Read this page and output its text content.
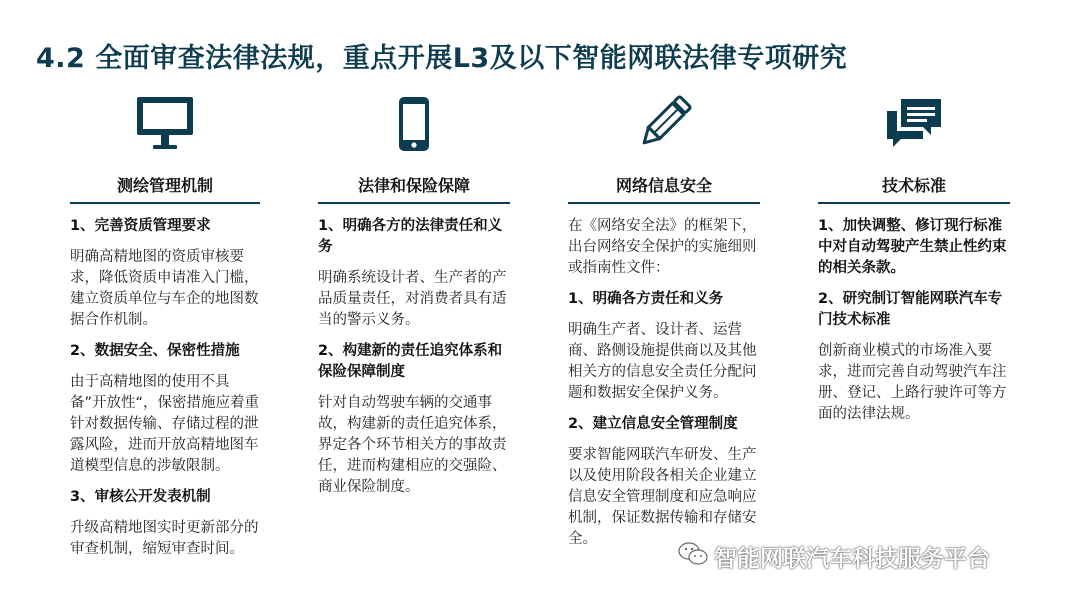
4.2 全面审查法律法规，重点开展L3及以下智能网联法律专项研究
测绘管理机制
1、完善资质管理要求
明确高精地图的资质审核要求，降低资质申请准入门槛，建立资质单位与车企的地图数据合作机制。
2、数据安全、保密性措施
由于高精地图的使用不具备”开放性“，保密措施应着重针对数据传输、存储过程的泄露风险，进而开放高精地图车道模型信息的涉敏限制。
3、审核公开发表机制
升级高精地图实时更新部分的审查机制，缩短审查时间。
法律和保险保障
1、明确各方的法律责任和义务
明确系统设计者、生产者的产品质量责任，对消费者具有适当的警示义务。
2、构建新的责任追究体系和保险保障制度
针对自动驾驶车辆的交通事故，构建新的责任追究体系，界定各个环节相关方的事故责任，进而构建相应的交强险、商业保险制度。
网络信息安全
在《网络安全法》的框架下，出台网络安全保护的实施细则或指南性文件：
1、明确各方责任和义务
明确生产者、设计者、运营商、路侧设施提供商以及其他相关方的信息安全责任分配问题和数据安全保护义务。
2、建立信息安全管理制度
要求智能网联汽车研发、生产以及使用阶段各相关企业建立信息安全管理制度和应急响应机制，保证数据传输和存储安全。
技术标准
1、加快调整、修订现行标准中对自动驾驶产生禁止性约束的相关条款。
2、研究制订智能网联汽车专门技术标准
创新商业模式的市场准入要求，进而完善自动驾驶汽车注册、登记、上路行驶许可等方面的法律法规。
智能网联汽车科技服务平台
